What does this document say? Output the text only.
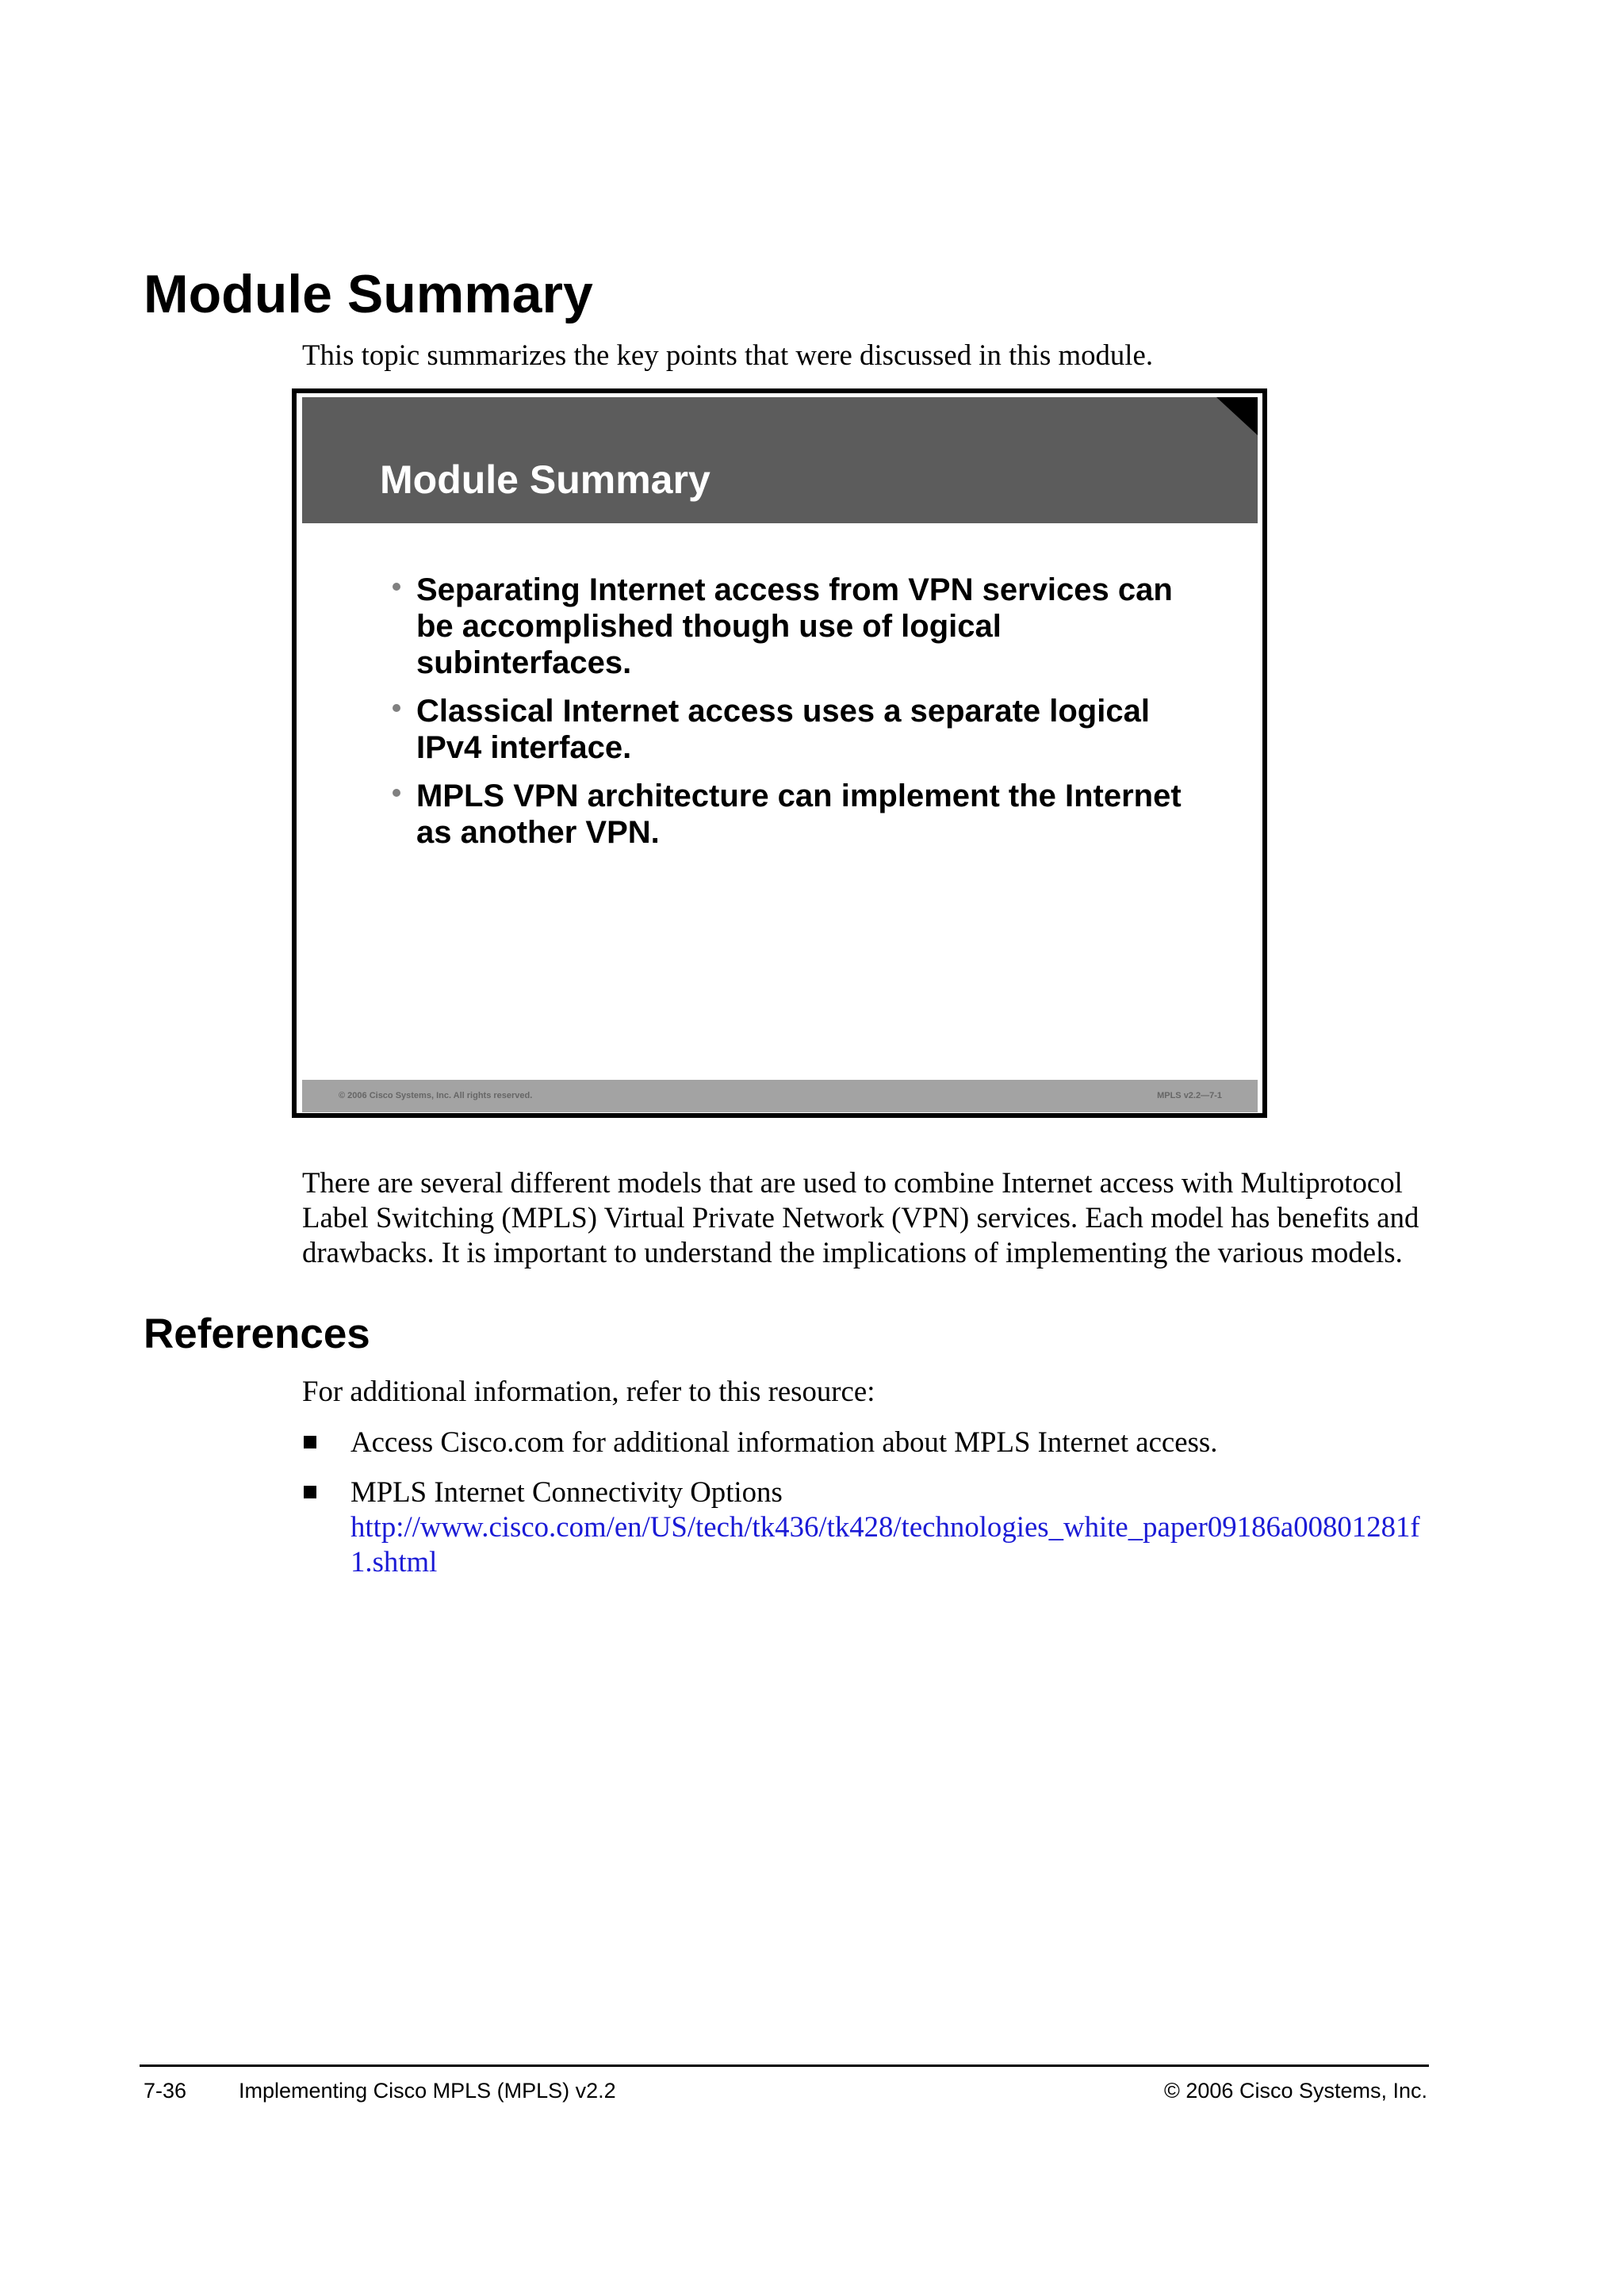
Module Summary
This topic summarizes the key points that were discussed in this module.
Module Summary
Separating Internet access from VPN services can be accomplished though use of logical subinterfaces.
Classical Internet access uses a separate logical IPv4 interface.
MPLS VPN architecture can implement the Internet as another VPN.
© 2006 Cisco Systems, Inc. All rights reserved.	MPLS v2.2—7-1
There are several different models that are used to combine Internet access with Multiprotocol Label Switching (MPLS) Virtual Private Network (VPN) services. Each model has benefits and drawbacks. It is important to understand the implications of implementing the various models.
References
For additional information, refer to this resource:
Access Cisco.com for additional information about MPLS Internet access.
MPLS Internet Connectivity Options
http://www.cisco.com/en/US/tech/tk436/tk428/technologies_white_paper09186a00801281f1.shtml
7-36 Implementing Cisco MPLS (MPLS) v2.2	© 2006 Cisco Systems, Inc.
